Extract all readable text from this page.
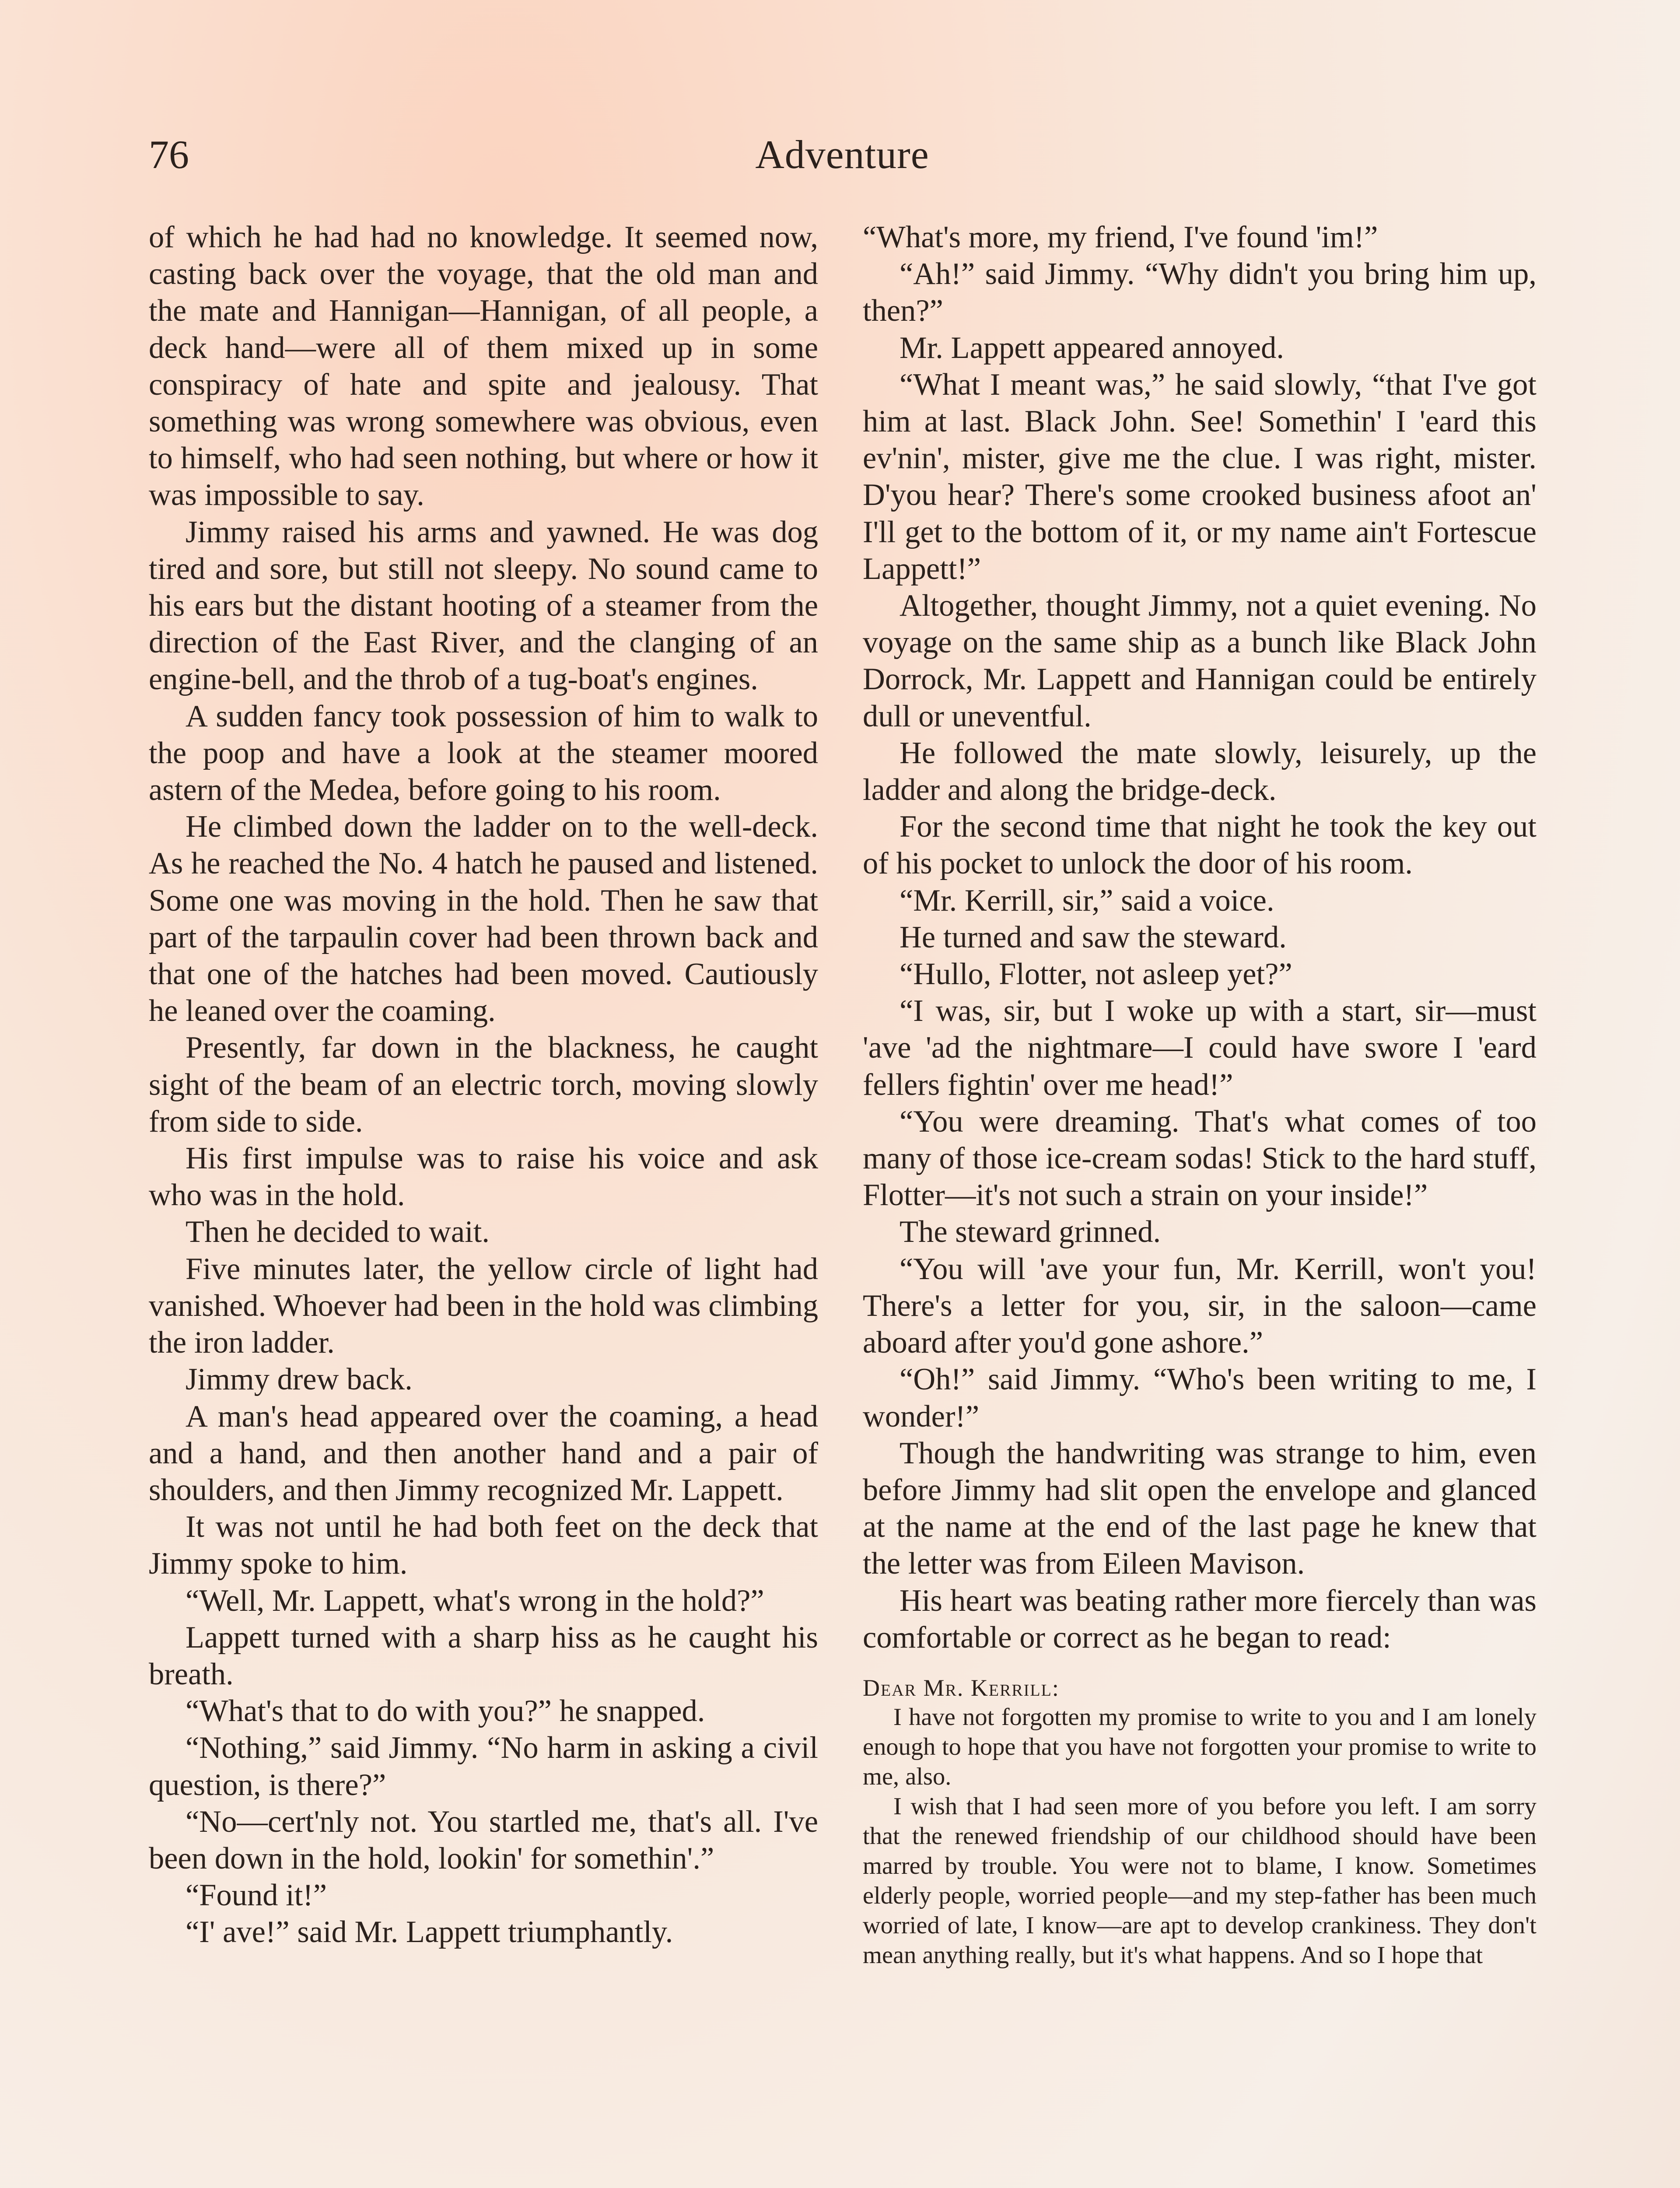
76	Adventure

of which he had had no knowledge. It seemed now, casting back over the voyage, that the old man and the mate and Hannigan—Hannigan, of all people, a deck hand—were all of them mixed up in some conspiracy of hate and spite and jealousy. That something was wrong somewhere was obvious, even to himself, who had seen nothing, but where or how it was impossible to say.

Jimmy raised his arms and yawned. He was dog tired and sore, but still not sleepy. No sound came to his ears but the distant hooting of a steamer from the direction of the East River, and the clanging of an engine-bell, and the throb of a tug-boat's engines.

A sudden fancy took possession of him to walk to the poop and have a look at the steamer moored astern of the Medea, before going to his room.

He climbed down the ladder on to the well-deck. As he reached the No. 4 hatch he paused and listened. Some one was moving in the hold. Then he saw that part of the tarpaulin cover had been thrown back and that one of the hatches had been moved. Cautiously he leaned over the coaming.

Presently, far down in the blackness, he caught sight of the beam of an electric torch, moving slowly from side to side.

His first impulse was to raise his voice and ask who was in the hold.

Then he decided to wait.

Five minutes later, the yellow circle of light had vanished. Whoever had been in the hold was climbing the iron ladder.

Jimmy drew back.

A man's head appeared over the coaming, a head and a hand, and then another hand and a pair of shoulders, and then Jimmy recognized Mr. Lappett.

It was not until he had both feet on the deck that Jimmy spoke to him.

“Well, Mr. Lappett, what's wrong in the hold?”

Lappett turned with a sharp hiss as he caught his breath.

“What's that to do with you?” he snapped.

“Nothing,” said Jimmy. “No harm in asking a civil question, is there?”

“No—cert'nly not. You startled me, that's all. I've been down in the hold, lookin' for somethin'.”

“Found it!”

“I' ave!” said Mr. Lappett triumphantly.

“What's more, my friend, I've found 'im!”

“Ah!” said Jimmy. “Why didn't you bring him up, then?”

Mr. Lappett appeared annoyed.

“What I meant was,” he said slowly, “that I've got him at last. Black John. See! Somethin' I 'eard this ev'nin', mister, give me the clue. I was right, mister. D'you hear? There's some crooked business afoot an' I'll get to the bottom of it, or my name ain't Fortescue Lappett!”

Altogether, thought Jimmy, not a quiet evening. No voyage on the same ship as a bunch like Black John Dorrock, Mr. Lappett and Hannigan could be entirely dull or uneventful.

He followed the mate slowly, leisurely, up the ladder and along the bridge-deck.

For the second time that night he took the key out of his pocket to unlock the door of his room.

“Mr. Kerrill, sir,” said a voice.

He turned and saw the steward.

“Hullo, Flotter, not asleep yet?”

“I was, sir, but I woke up with a start, sir—must 'ave 'ad the nightmare—I could have swore I 'eard fellers fightin' over me head!”

“You were dreaming. That's what comes of too many of those ice-cream sodas! Stick to the hard stuff, Flotter—it's not such a strain on your inside!”

The steward grinned.

“You will 'ave your fun, Mr. Kerrill, won't you! There's a letter for you, sir, in the saloon—came aboard after you'd gone ashore.”

“Oh!” said Jimmy. “Who's been writing to me, I wonder!”

Though the handwriting was strange to him, even before Jimmy had slit open the envelope and glanced at the name at the end of the last page he knew that the letter was from Eileen Mavison.

His heart was beating rather more fiercely than was comfortable or correct as he began to read:

Dear Mr. Kerrill:

I have not forgotten my promise to write to you and I am lonely enough to hope that you have not forgotten your promise to write to me, also.

I wish that I had seen more of you before you left. I am sorry that the renewed friendship of our childhood should have been marred by trouble. You were not to blame, I know. Sometimes elderly people, worried people—and my step-father has been much worried of late, I know—are apt to develop crankiness. They don't mean anything really, but it's what happens. And so I hope that
